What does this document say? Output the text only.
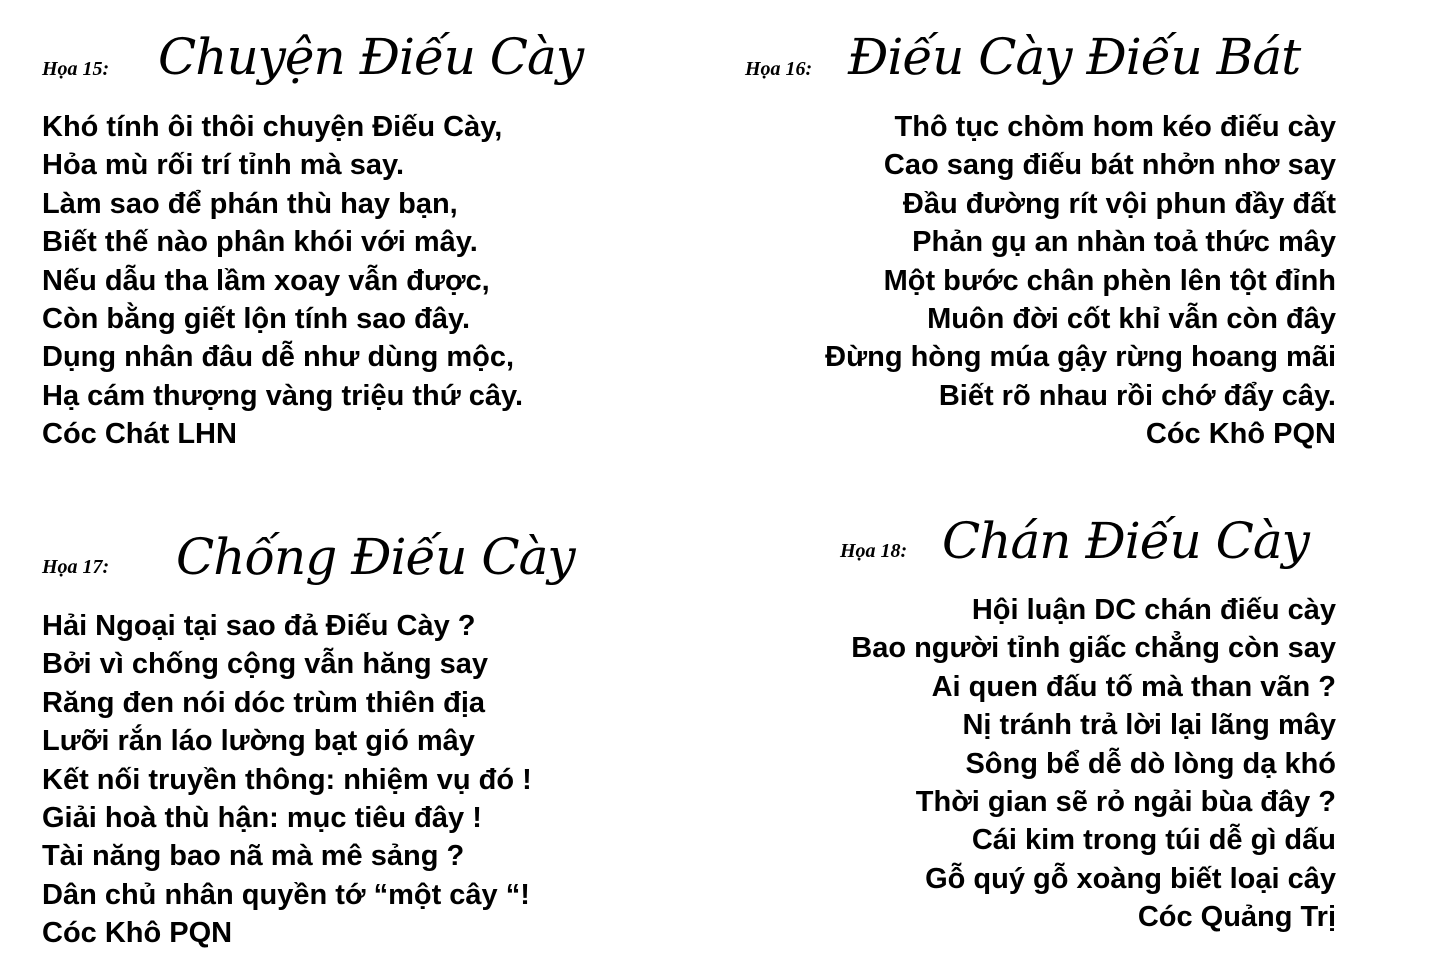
Họa 15: Chuyện Điếu Cày
Khó tính ôi thôi chuyện Điếu Cày,
Hỏa mù rối trí tỉnh mà say.
Làm sao để phán thù hay bạn,
Biết thế nào phân khói với mây.
Nếu dẫu tha lầm xoay vẫn được,
Còn bằng giết lộn tính sao đây.
Dụng nhân đâu dễ như dùng mộc,
Hạ cám thượng vàng triệu thứ cây.
Cóc Chát LHN
Họa 16: Điếu Cày Điếu Bát
Thô tục chòm hom kéo điếu cày
Cao sang điếu bát nhởn nhơ say
Đầu đường rít vội phun đầy đất
Phản gụ an nhàn toả thức mây
Một bước chân phèn lên tột đỉnh
Muôn đời cốt khỉ vẫn còn đây
Đừng hòng múa gậy rừng hoang mãi
Biết rõ nhau rồi chớ đẩy cây.
Cóc Khô PQN
Họa 17: Chống Điếu Cày
Hải Ngoại tại sao đả Điếu Cày ?
Bởi vì chống cộng vẫn hăng say
Răng đen nói dóc trùm thiên địa
Lưỡi rắn láo lường bạt gió mây
Kết nối truyền thông: nhiệm vụ đó !
Giải hoà thù hận: mục tiêu đây !
Tài năng bao nã mà mê sảng ?
Dân chủ nhân quyền tớ “một cây “!
Cóc Khô PQN
Họa 18: Chán Điếu Cày
Hội luận DC chán điếu cày
Bao người tỉnh giấc chẳng còn say
Ai quen đấu tố mà than vãn ?
Nị tránh trả lời lại lãng mây
Sông bể dễ dò lòng dạ khó
Thời gian sẽ rỏ ngải bùa đây ?
Cái kim trong túi dễ gì dấu
Gỗ quý gỗ xoàng biết loại cây
Cóc Quảng Trị
